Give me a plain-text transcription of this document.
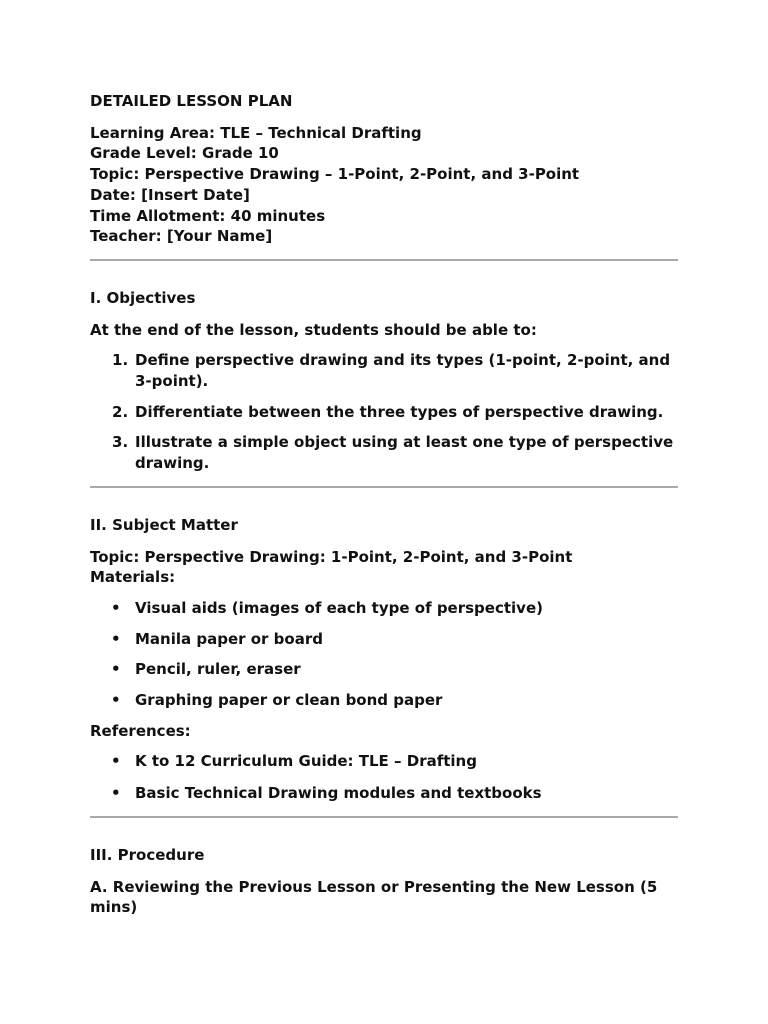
DETAILED LESSON PLAN

Learning Area: TLE – Technical Drafting

Grade Level: Grade 10

Topic: Perspective Drawing – 1-Point, 2-Point, and 3-Point

Date: [Insert Date]

Time Allotment: 40 minutes

Teacher: [Your Name]

I. Objectives

At the end of the lesson, students should be able to:

Define perspective drawing and its types (1-point, 2-point, and 3-point).
Differentiate between the three types of perspective drawing.
Illustrate a simple object using at least one type of perspective drawing.

II. Subject Matter

Topic: Perspective Drawing: 1-Point, 2-Point, and 3-Point

Materials:

• Visual aids (images of each type of perspective)
• Manila paper or board
• Pencil, ruler, eraser
• Graphing paper or clean bond paper

References:

• K to 12 Curriculum Guide: TLE – Drafting
• Basic Technical Drawing modules and textbooks

III. Procedure

A. Reviewing the Previous Lesson or Presenting the New Lesson (5 mins)
